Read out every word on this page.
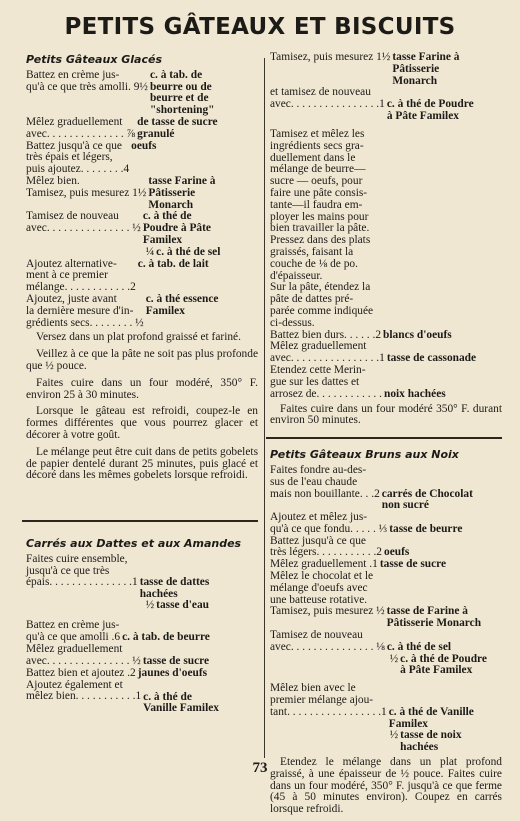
PETITS GÂTEAUX ET BISCUITS
Petits Gâteaux Glacés
Battez en crème jus-
qu'à ce que très amolli. 9½
c. à tab. de
beurre ou de
beurre et de
"shortening"
Mêlez graduellement
avec. . . . . . . . . . . . . . ⅞
de tasse de sucre
granulé
Battez jusqu'à ce que
très épais et légers,
puis ajoutez. . . . . . . .4
oeufs
Mêlez bien.
Tamisez, puis mesurez 1½
tasse Farine à
Pâtisserie
Monarch
Tamisez de nouveau
avec. . . . . . . . . . . . . . . ½
c. à thé de
Poudre à Pâte
Familex
¼ c. à thé de sel
Ajoutez alternative-
ment à ce premier
mélange. . . . . . . . . . . .2
c. à tab. de lait
Ajoutez, juste avant
la dernière mesure d'in-
grédients secs. . . . . . . . ½
c. à thé essence
Familex

Versez dans un plat profond graissé et fariné.

Veillez à ce que la pâte ne soit pas plus profonde que ½ pouce.

Faites cuire dans un four modéré, 350° F. environ 25 à 30 minutes.

Lorsque le gâteau est refroidi, coupez-le en formes différentes que vous pourrez glacer et décorer à votre goût.

Le mélange peut être cuit dans de petits gobelets de papier dentelé durant 25 minutes, puis glacé et décoré dans les mêmes gobelets lorsque refroidi.

Carrés aux Dattes et aux Amandes
Faites cuire ensemble,
jusqu'à ce que très
épais. . . . . . . . . . . . . . .1 tasse de dattes
hachées
½ tasse d'eau
Battez en crème jus-
qu'à ce que amolli .6 c. à tab. de beurre
Mêlez graduellement
avec. . . . . . . . . . . . . . . ½ tasse de sucre
Battez bien et ajoutez .2 jaunes d'oeufs
Ajoutez également et
mêlez bien. . . . . . . . . . .1 c. à thé de
Vanille Familex
Tamisez, puis mesurez 1½ tasse Farine à
Pâtisserie
Monarch
et tamisez de nouveau
avec. . . . . . . . . . . . . . . .1 c. à thé de Poudre
à Pâte Familex
Tamisez et mêlez les
ingrédients secs gra-
duellement dans le
mélange de beurre—
sucre — oeufs, pour
faire une pâte consis-
tante—il faudra em-
ployer les mains pour
bien travailler la pâte.
Pressez dans des plats
graissés, faisant la
couche de ⅛ de po.
d'épaisseur.
Sur la pâte, étendez la
pâte de dattes pré-
parée comme indiquée
ci-dessus.
Battez bien durs. . . . . .2 blancs d'oeufs
Mêlez graduellement
avec. . . . . . . . . . . . . . . .1 tasse de cassonade
Etendez cette Merin-
gue sur les dattes et
arrosez de. . . . . . . . . . . .

noix hachées

Faites cuire dans un four modéré 350° F. durant environ 50 minutes.

Petits Gâteaux Bruns aux Noix
Faites fondre au-des-
sus de l'eau chaude
mais non bouillante. . .2

carrés de Chocolat
non sucré
Ajoutez et mêlez jus-
qu'à ce que fondu. . . . . ⅓
tasse de beurre
Battez jusqu'à ce que
très légers. . . . . . . . . . .2
oeufs
Mêlez graduellement .1 tasse de sucre
Mêlez le chocolat et le
mélange d'oeufs avec
une batteuse rotative.
Tamisez, puis mesurez ½

tasse de Farine à
Pâtisserie Monarch
Tamisez de nouveau
avec. . . . . . . . . . . . . . . ⅛
c. à thé de sel
½ c. à thé de Poudre
à Pâte Familex
Mêlez bien avec le
premier mélange ajou-
tant. . . . . . . . . . . . . . . . .1

c. à thé de Vanille
Familex
½ tasse de noix
hachées

Etendez le mélange dans un plat profond graissé, à une épaisseur de ½ pouce. Faites cuire dans un four modéré, 350° F. jusqu'à ce que ferme (45 à 50 minutes environ). Coupez en carrés lorsque refroidi.

73
